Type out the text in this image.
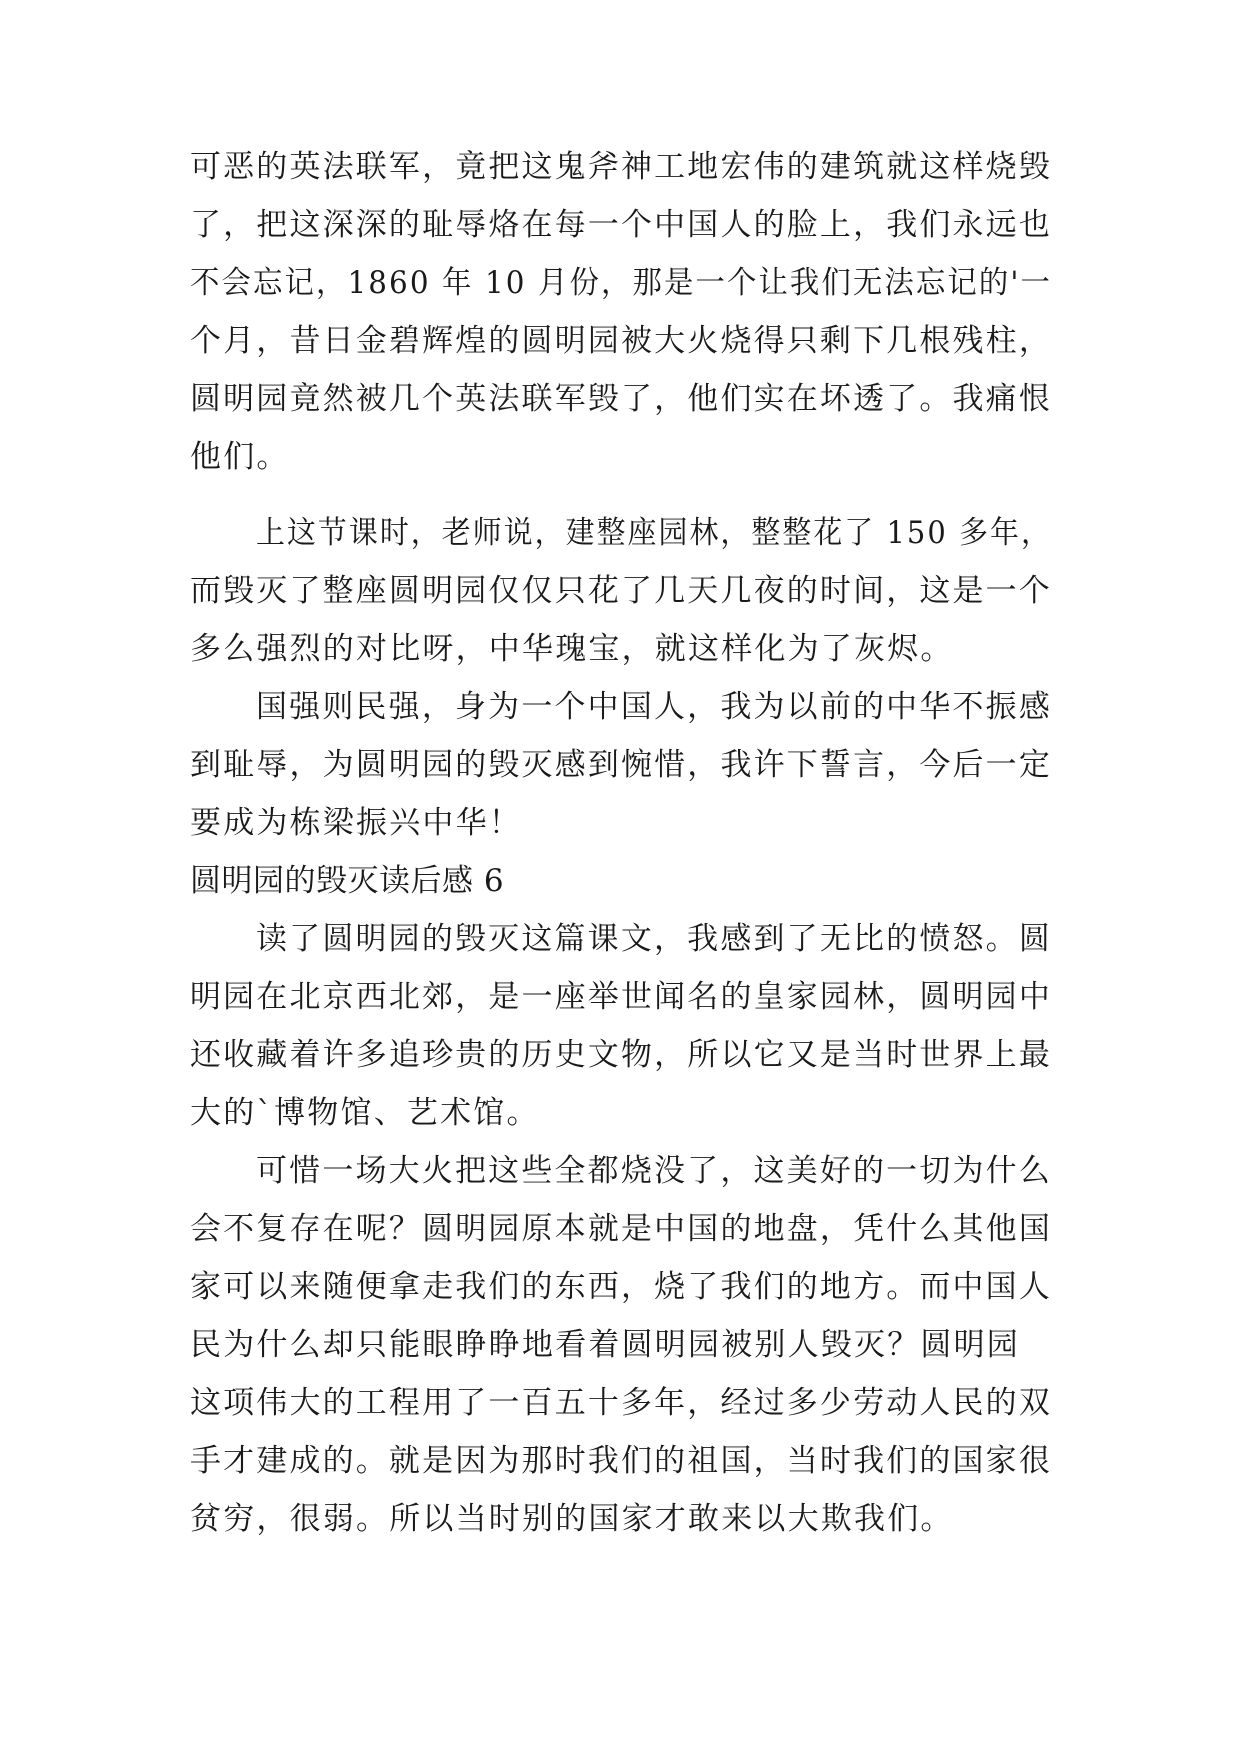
可恶的英法联军，竟把这鬼斧神工地宏伟的建筑就这样烧毁
了，把这深深的耻辱烙在每一个中国人的脸上，我们永远也
不会忘记，1860 年 10 月份，那是一个让我们无法忘记的'一
个月，昔日金碧辉煌的圆明园被大火烧得只剩下几根残柱，
圆明园竟然被几个英法联军毁了，他们实在坏透了。我痛恨
他们。
上这节课时，老师说，建整座园林，整整花了 150 多年，
而毁灭了整座圆明园仅仅只花了几天几夜的时间，这是一个
多么强烈的对比呀，中华瑰宝，就这样化为了灰烬。
国强则民强，身为一个中国人，我为以前的中华不振感
到耻辱，为圆明园的毁灭感到惋惜，我许下誓言，今后一定
要成为栋梁振兴中华！
圆明园的毁灭读后感 6
读了圆明园的毁灭这篇课文，我感到了无比的愤怒。圆
明园在北京西北郊，是一座举世闻名的皇家园林，圆明园中
还收藏着许多追珍贵的历史文物，所以它又是当时世界上最
大的`博物馆、艺术馆。
可惜一场大火把这些全都烧没了，这美好的一切为什么
会不复存在呢？圆明园原本就是中国的地盘，凭什么其他国
家可以来随便拿走我们的东西，烧了我们的地方。而中国人
民为什么却只能眼睁睁地看着圆明园被别人毁灭？圆明园
这项伟大的工程用了一百五十多年，经过多少劳动人民的双
手才建成的。就是因为那时我们的祖国，当时我们的国家很
贫穷，很弱。所以当时别的国家才敢来以大欺我们。
